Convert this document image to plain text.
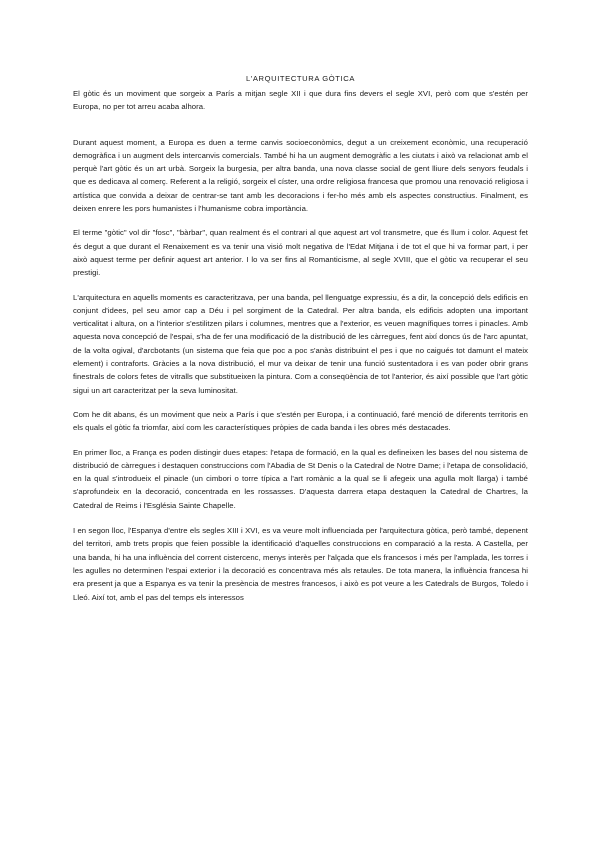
L'ARQUITECTURA GÒTICA

El gòtic és un moviment que sorgeix a París a mitjan segle XII i que dura fins devers el segle XVI, però com que s'estén per Europa, no per tot arreu acaba alhora.

Durant aquest moment, a Europa es duen a terme canvis socioeconòmics, degut a un creixement econòmic, una recuperació demogràfica i un augment dels intercanvis comercials. També hi ha un augment demogràfic a les ciutats i això va relacionat amb el perquè l'art gòtic és un art urbà. Sorgeix la burgesia, per altra banda, una nova classe social de gent lliure dels senyors feudals i que es dedicava al comerç. Referent a la religió, sorgeix el císter, una ordre religiosa francesa que promou una renovació religiosa i artística que convida a deixar de centrar-se tant amb les decoracions i fer-ho més amb els aspectes constructius. Finalment, es deixen enrere les pors humanistes i l'humanisme cobra importància.

El terme "gòtic" vol dir "fosc", "bàrbar", quan realment és el contrari al que aquest art vol transmetre, que és llum i color. Aquest fet és degut a que durant el Renaixement es va tenir una visió molt negativa de l'Edat Mitjana i de tot el que hi va formar part, i per això aquest terme per definir aquest art anterior. I lo va ser fins al Romanticisme, al segle XVIII, que el gòtic va recuperar el seu prestigi.

L'arquitectura en aquells moments es caracteritzava, per una banda, pel llenguatge expressiu, és a dir, la concepció dels edificis en conjunt d'idees, pel seu amor cap a Déu i pel sorgiment de la Catedral. Per altra banda, els edificis adopten una important verticalitat i altura, on a l'interior s'estilitzen pilars i columnes, mentres que a l'exterior, es veuen magnífiques torres i pinacles. Amb aquesta nova concepció de l'espai, s'ha de fer una modificació de la distribució de les càrregues, fent així doncs ús de l'arc apuntat, de la volta ogival, d'arcbotants (un sistema que feia que poc a poc s'anàs distribuint el pes i que no caigués tot damunt el mateix element) i contraforts. Gràcies a la nova distribució, el mur va deixar de tenir una funció sustentadora i es van poder obrir grans finestrals de colors fetes de vitralls que substitueixen la pintura. Com a conseqüència de tot l'anterior, és així possible que l'art gòtic sigui un art caracteritzat per la seva luminositat.

Com he dit abans, és un moviment que neix a París i que s'estén per Europa, i a continuació, faré menció de diferents territoris en els quals el gòtic fa triomfar, així com les característiques pròpies de cada banda i les obres més destacades.

En primer lloc, a França es poden distingir dues etapes: l'etapa de formació, en la qual es defineixen les bases del nou sistema de distribució de càrregues i destaquen construccions com l'Abadia de St Denis o la Catedral de Notre Dame; i l'etapa de consolidació, en la qual s'introdueix el pinacle (un cimbori o torre típica a l'art romànic a la qual se li afegeix una agulla molt llarga) i també s'aprofundeix en la decoració, concentrada en les rossasses. D'aquesta darrera etapa destaquen la Catedral de Chartres, la Catedral de Reims i l'Església Sainte Chapelle.

I en segon lloc, l'Espanya d'entre els segles XIII i XVI, es va veure molt influenciada per l'arquitectura gòtica, però també, depenent del territori, amb trets propis que feien possible la identificació d'aquelles construccions en comparació a la resta. A Castella, per una banda, hi ha una influència del corrent cistercenc, menys interès per l'alçada que els francesos i més per l'amplada, les torres i les agulles no determinen l'espai exterior i la decoració es concentrava més als retaules. De tota manera, la influència francesa hi era present ja que a Espanya es va tenir la presència de mestres francesos, i això es pot veure a les Catedrals de Burgos, Toledo i Lleó. Així tot, amb el pas del temps els interessos
